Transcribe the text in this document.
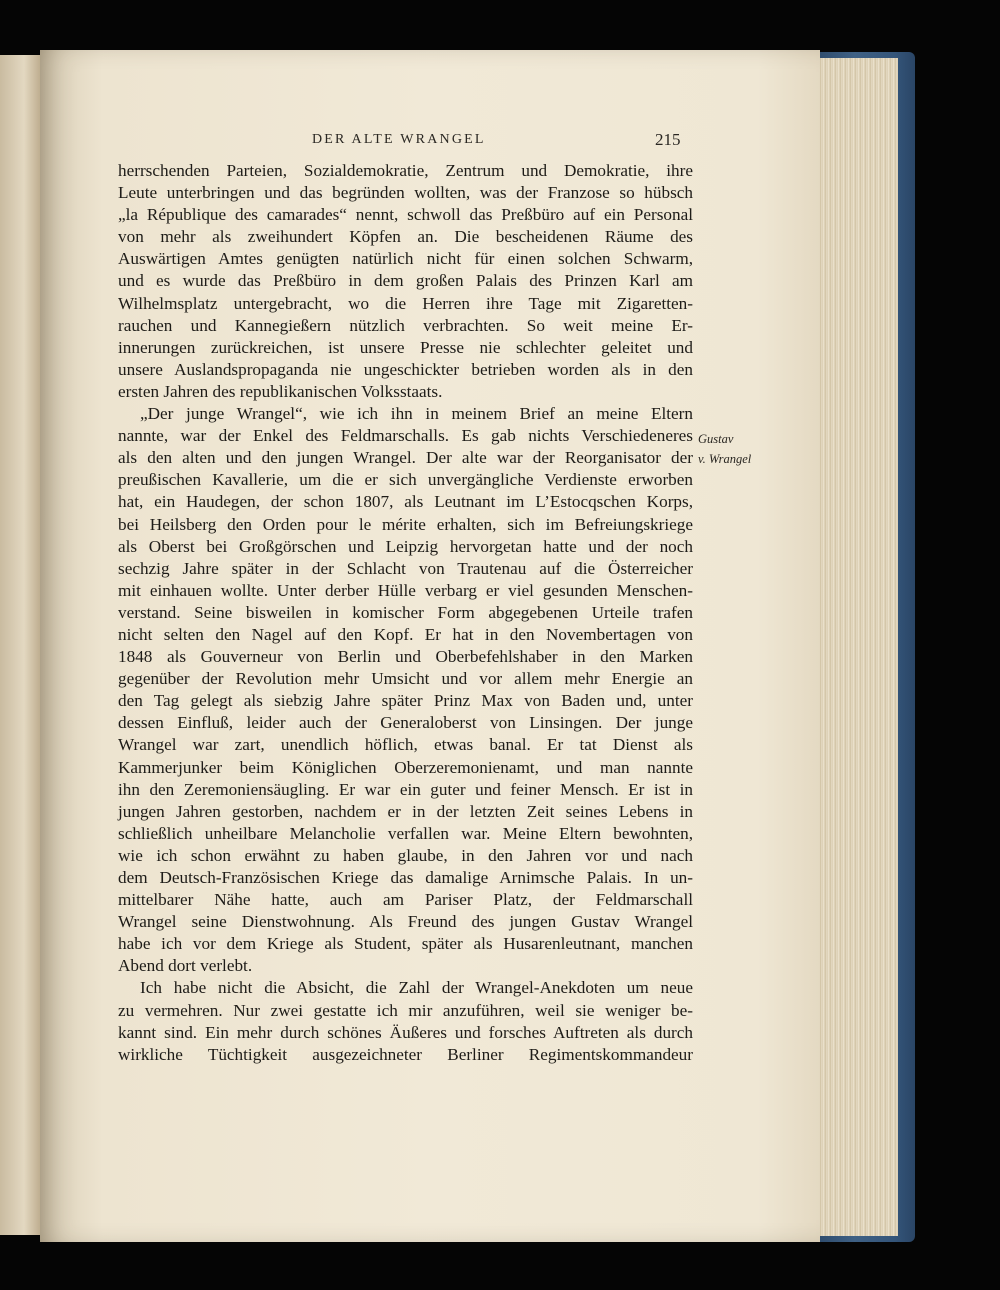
DER ALTE WRANGEL	215
herrschenden Parteien, Sozialdemokratie, Zentrum und Demokratie, ihre
Leute unterbringen und das begründen wollten, was der Franzose so hübsch
„la République des camarades“ nennt, schwoll das Preßbüro auf ein Personal
von mehr als zweihundert Köpfen an. Die bescheidenen Räume des
Auswärtigen Amtes genügten natürlich nicht für einen solchen Schwarm,
und es wurde das Preßbüro in dem großen Palais des Prinzen Karl am
Wilhelmsplatz untergebracht, wo die Herren ihre Tage mit Zigaretten-
rauchen und Kannegießern nützlich verbrachten. So weit meine Er-
innerungen zurückreichen, ist unsere Presse nie schlechter geleitet und
unsere Auslandspropaganda nie ungeschickter betrieben worden als in den
ersten Jahren des republikanischen Volksstaats.
„Der junge Wrangel“, wie ich ihn in meinem Brief an meine Eltern
nannte, war der Enkel des Feldmarschalls. Es gab nichts Verschiedeneres
als den alten und den jungen Wrangel. Der alte war der Reorganisator der
preußischen Kavallerie, um die er sich unvergängliche Verdienste erworben
hat, ein Haudegen, der schon 1807, als Leutnant im L’Estocqschen Korps,
bei Heilsberg den Orden pour le mérite erhalten, sich im Befreiungskriege
als Oberst bei Großgörschen und Leipzig hervorgetan hatte und der noch
sechzig Jahre später in der Schlacht von Trautenau auf die Österreicher
mit einhauen wollte. Unter derber Hülle verbarg er viel gesunden Menschen-
verstand. Seine bisweilen in komischer Form abgegebenen Urteile trafen
nicht selten den Nagel auf den Kopf. Er hat in den Novembertagen von
1848 als Gouverneur von Berlin und Oberbefehlshaber in den Marken
gegenüber der Revolution mehr Umsicht und vor allem mehr Energie an
den Tag gelegt als siebzig Jahre später Prinz Max von Baden und, unter
dessen Einfluß, leider auch der Generaloberst von Linsingen. Der junge
Wrangel war zart, unendlich höflich, etwas banal. Er tat Dienst als
Kammerjunker beim Königlichen Oberzeremonienamt, und man nannte
ihn den Zeremoniensäugling. Er war ein guter und feiner Mensch. Er ist in
jungen Jahren gestorben, nachdem er in der letzten Zeit seines Lebens in
schließlich unheilbare Melancholie verfallen war. Meine Eltern bewohnten,
wie ich schon erwähnt zu haben glaube, in den Jahren vor und nach
dem Deutsch-Französischen Kriege das damalige Arnimsche Palais. In un-
mittelbarer Nähe hatte, auch am Pariser Platz, der Feldmarschall
Wrangel seine Dienstwohnung. Als Freund des jungen Gustav Wrangel
habe ich vor dem Kriege als Student, später als Husarenleutnant, manchen
Abend dort verlebt.
Ich habe nicht die Absicht, die Zahl der Wrangel-Anekdoten um neue
zu vermehren. Nur zwei gestatte ich mir anzuführen, weil sie weniger be-
kannt sind. Ein mehr durch schönes Äußeres und forsches Auftreten als durch
wirkliche Tüchtigkeit ausgezeichneter Berliner Regimentskommandeur
Gustav
v. Wrangel
